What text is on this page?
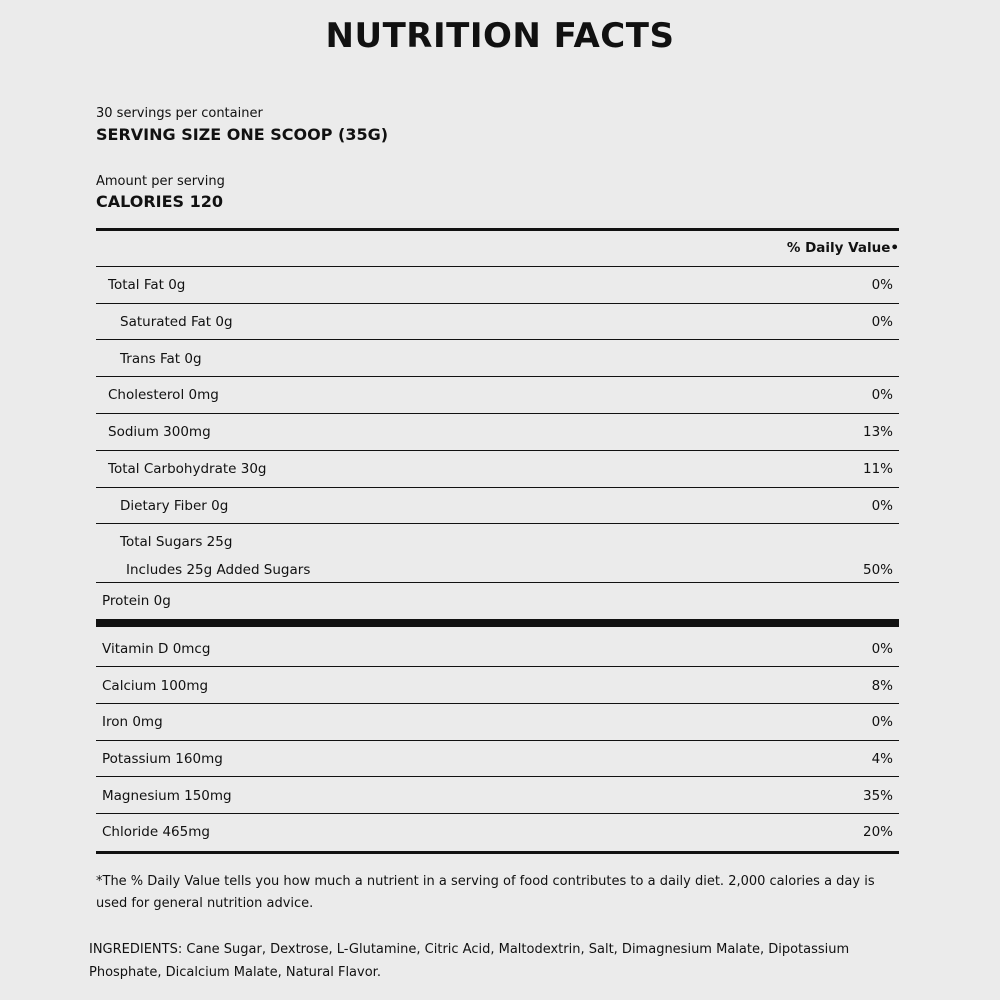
NUTRITION FACTS
30 servings per container
SERVING SIZE ONE SCOOP (35G)
Amount per serving
CALORIES 120
% Daily Value•
Total Fat 0g	0%
Saturated Fat 0g	0%
Trans Fat 0g
Cholesterol 0mg	0%
Sodium 300mg	13%
Total Carbohydrate 30g	11%
Dietary Fiber 0g	0%
Total Sugars 25g
Includes 25g Added Sugars	50%
Protein 0g
Vitamin D 0mcg	0%
Calcium 100mg	8%
Iron 0mg	0%
Potassium 160mg	4%
Magnesium 150mg	35%
Chloride 465mg	20%
*The % Daily Value tells you how much a nutrient in a serving of food contributes to a daily diet. 2,000 calories a day is used for general nutrition advice.
INGREDIENTS: Cane Sugar, Dextrose, L-Glutamine, Citric Acid, Maltodextrin, Salt, Dimagnesium Malate, Dipotassium Phosphate, Dicalcium Malate, Natural Flavor.
